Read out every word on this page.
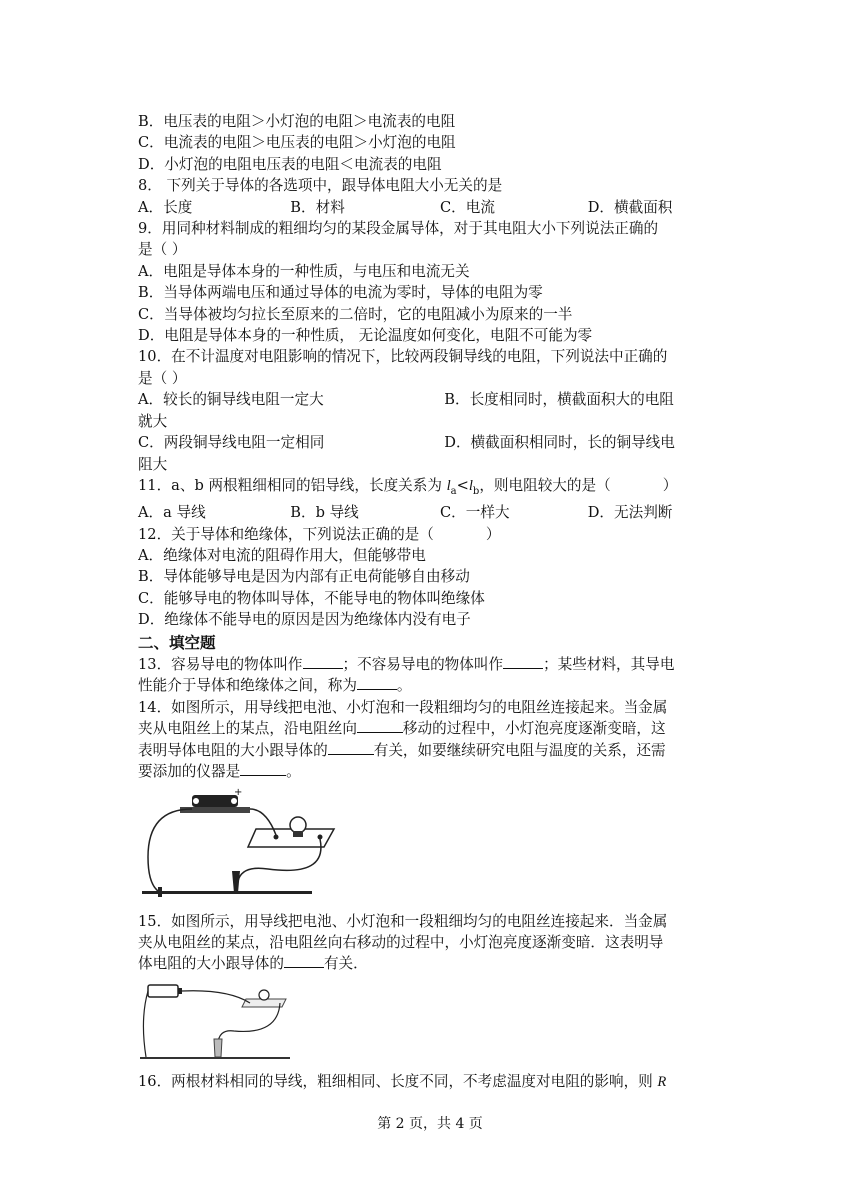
B．电压表的电阻＞小灯泡的电阻＞电流表的电阻
C．电流表的电阻＞电压表的电阻＞小灯泡的电阻
D．小灯泡的电阻电压表的电阻＜电流表的电阻
8． 下列关于导体的各选项中，跟导体电阻大小无关的是
A．长度	B．材料	C．电流	D．横截面积
9．用同种材料制成的粗细均匀的某段金属导体，对于其电阻大小下列说法正确的
是（ ）
A．电阻是导体本身的一种性质，与电压和电流无关
B．当导体两端电压和通过导体的电流为零时，导体的电阻为零
C．当导体被均匀拉长至原来的二倍时，它的电阻减小为原来的一半
D．电阻是导体本身的一种性质， 无论温度如何变化，电阻不可能为零
10．在不计温度对电阻影响的情况下，比较两段铜导线的电阻，下列说法中正确的
是（ ）
A．较长的铜导线电阻一定大	B．长度相同时，横截面积大的电阻
就大
C．两段铜导线电阻一定相同	D．横截面积相同时，长的铜导线电
阻大
11．a、b 两根粗细相同的铝导线，长度关系为 $l_a<l_b$，则电阻较大的是（	）
A．a 导线	B．b 导线	C．一样大	D．无法判断
12．关于导体和绝缘体，下列说法正确的是（	）
A．绝缘体对电流的阻碍作用大，但能够带电
B．导体能够导电是因为内部有正电荷能够自由移动
C．能够导电的物体叫导体，不能导电的物体叫绝缘体
D．绝缘体不能导电的原因是因为绝缘体内没有电子
二、填空题
13．容易导电的物体叫作	；不容易导电的物体叫作	；某些材料，其导电
性能介于导体和绝缘体之间，称为	。
14．如图所示，用导线把电池、小灯泡和一段粗细均匀的电阻丝连接起来。当金属
夹从电阻丝上的某点，沿电阻丝向	移动的过程中，小灯泡亮度逐渐变暗，这
表明导体电阻的大小跟导体的	有关，如要继续研究电阻与温度的关系，还需
要添加的仪器是	。
+
15．如图所示，用导线把电池、小灯泡和一段粗细均匀的电阻丝连接起来．当金属
夹从电阻丝的某点，沿电阻丝向右移动的过程中，小灯泡亮度逐渐变暗．这表明导
体电阻的大小跟导体的	有关．
16．两根材料相同的导线，粗细相同、长度不同，不考虑温度对电阻的影响，则 R
第 2 页，共 4 页
